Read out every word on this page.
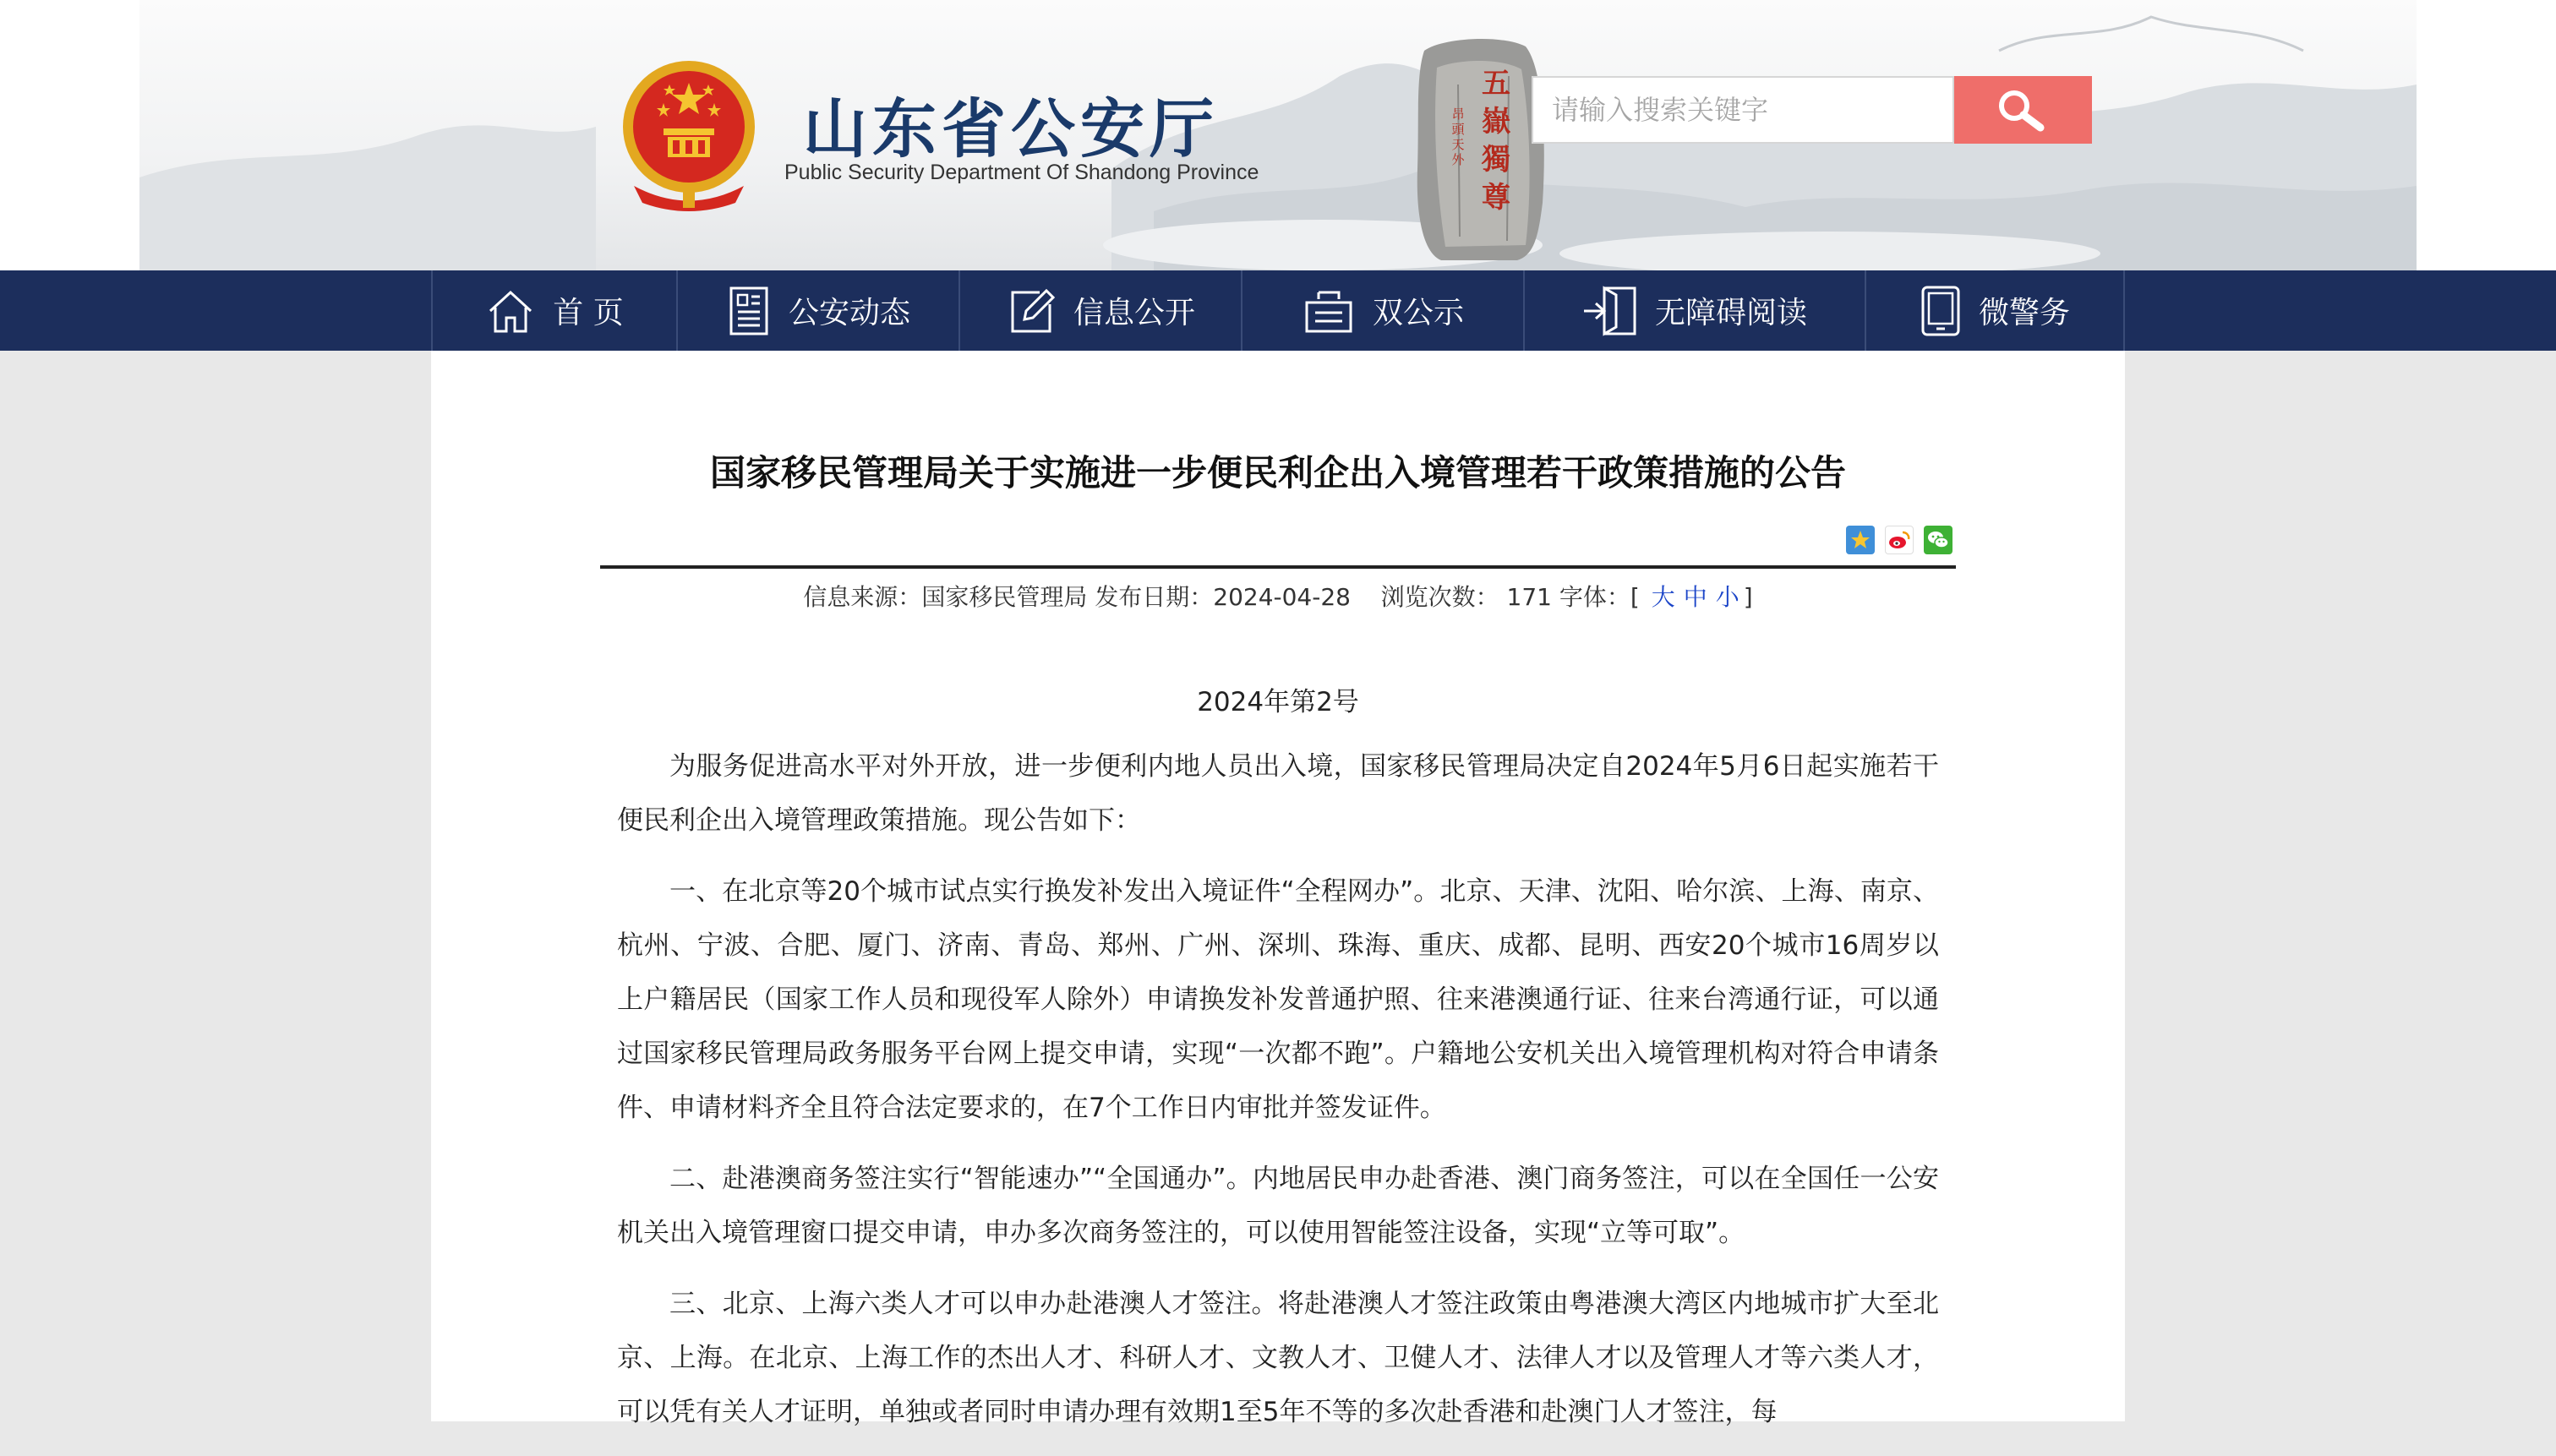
山东省公安厅
Public Security Department Of Shandong Province
五
嶽
獨
尊
昂
頭
天
外
请输入搜索关键字
首 页	公安动态	信息公开	双公示	无障碍阅读	微警务
国家移民管理局关于实施进一步便民利企出入境管理若干政策措施的公告
信息来源：国家移民管理局 发布日期：2024-04-28 浏览次数： 171 字体：[ 大 中 小 ]
2024年第2号

为服务促进高水平对外开放，进一步便利内地人员出入境，国家移民管理局决定自2024年5月6日起实施若干便民利企出入境管理政策措施。现公告如下：

一、在北京等20个城市试点实行换发补发出入境证件“全程网办”。北京、天津、沈阳、哈尔滨、上海、南京、杭州、宁波、合肥、厦门、济南、青岛、郑州、广州、深圳、珠海、重庆、成都、昆明、西安20个城市16周岁以上户籍居民（国家工作人员和现役军人除外）申请换发补发普通护照、往来港澳通行证、往来台湾通行证，可以通过国家移民管理局政务服务平台网上提交申请，实现“一次都不跑”。户籍地公安机关出入境管理机构对符合申请条件、申请材料齐全且符合法定要求的，在7个工作日内审批并签发证件。

二、赴港澳商务签注实行“智能速办”“全国通办”。内地居民申办赴香港、澳门商务签注，可以在全国任一公安机关出入境管理窗口提交申请，申办多次商务签注的，可以使用智能签注设备，实现“立等可取”。

三、北京、上海六类人才可以申办赴港澳人才签注。将赴港澳人才签注政策由粤港澳大湾区内地城市扩大至北京、上海。在北京、上海工作的杰出人才、科研人才、文教人才、卫健人才、法律人才以及管理人才等六类人才，可以凭有关人才证明，单独或者同时申请办理有效期1至5年不等的多次赴香港和赴澳门人才签注，每
